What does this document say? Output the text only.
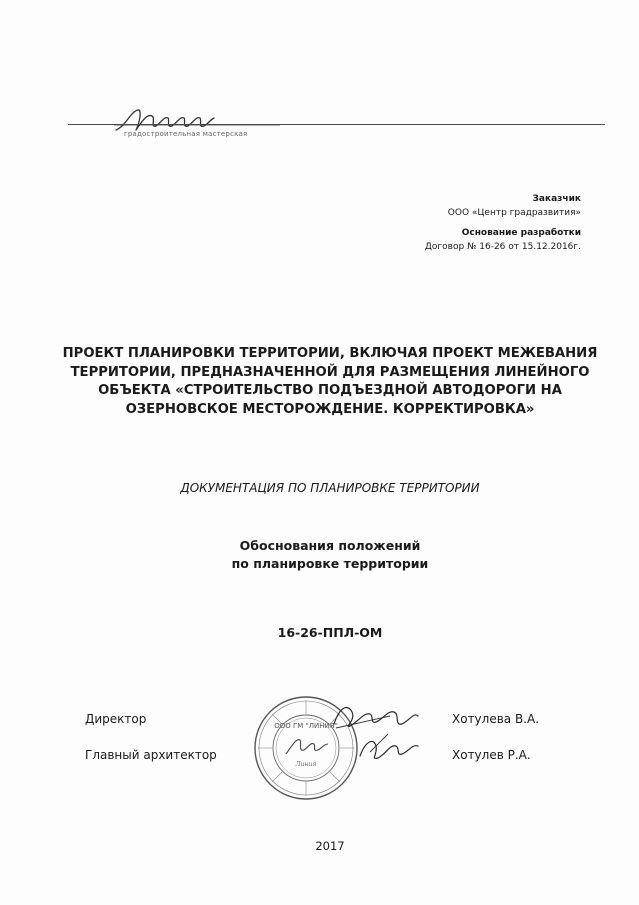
градостроительная мастерская
Заказчик
ООО «Центр градразвития»
Основание разработки
Договор № 16-26 от 15.12.2016г.
ПРОЕКТ ПЛАНИРОВКИ ТЕРРИТОРИИ, ВКЛЮЧАЯ ПРОЕКТ МЕЖЕВАНИЯ
ТЕРРИТОРИИ, ПРЕДНАЗНАЧЕННОЙ ДЛЯ РАЗМЕЩЕНИЯ ЛИНЕЙНОГО
ОБЪЕКТА «СТРОИТЕЛЬСТВО ПОДЪЕЗДНОЙ АВТОДОРОГИ НА
ОЗЕРНОВСКОЕ МЕСТОРОЖДЕНИЕ. КОРРЕКТИРОВКА»
ДОКУМЕНТАЦИЯ ПО ПЛАНИРОВКЕ ТЕРРИТОРИИ
Обоснования положений
по планировке территории
16-26-ППЛ-ОМ
Директор	Хотулева В.А.
Главный архитектор	Хотулев Р.А.
ООО ГМ "ЛИНИЯ"
Линия
2017
